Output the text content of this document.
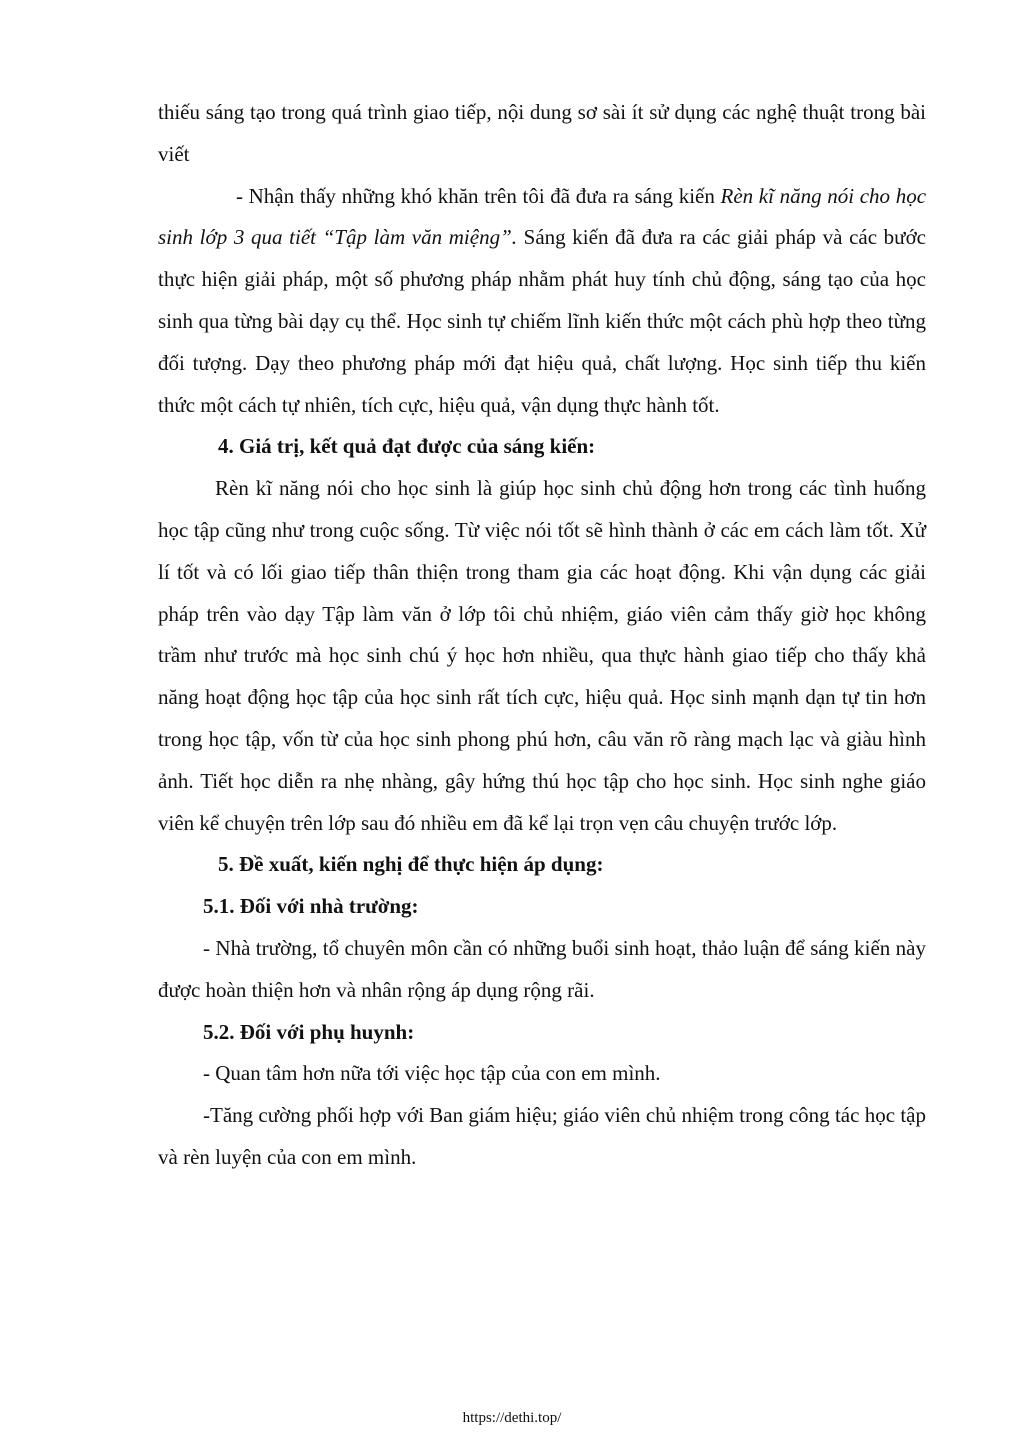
thiếu sáng tạo trong quá trình giao tiếp, nội dung sơ sài ít sử dụng các nghệ thuật trong bài viết

- Nhận thấy những khó khăn trên tôi đã đưa ra sáng kiến Rèn kĩ năng nói cho học sinh lớp 3 qua tiết “Tập làm văn miệng”. Sáng kiến đã đưa ra các giải pháp và các bước thực hiện giải pháp, một số phương pháp nhằm phát huy tính chủ động, sáng tạo của học sinh qua từng bài dạy cụ thể. Học sinh tự chiếm lĩnh kiến thức một cách phù hợp theo từng đối tượng. Dạy theo phương pháp mới đạt hiệu quả, chất lượng. Học sinh tiếp thu kiến thức một cách tự nhiên, tích cực, hiệu quả, vận dụng thực hành tốt.

4. Giá trị, kết quả đạt được của sáng kiến:

Rèn kĩ năng nói cho học sinh là giúp học sinh chủ động hơn trong các tình huống học tập cũng như trong cuộc sống. Từ việc nói tốt sẽ hình thành ở các em cách làm tốt. Xử lí tốt và có lối giao tiếp thân thiện trong tham gia các hoạt động. Khi vận dụng các giải pháp trên vào dạy Tập làm văn ở lớp tôi chủ nhiệm, giáo viên cảm thấy giờ học không trầm như trước mà học sinh chú ý học hơn nhiều, qua thực hành giao tiếp cho thấy khả năng hoạt động học tập của học sinh rất tích cực, hiệu quả. Học sinh mạnh dạn tự tin hơn trong học tập, vốn từ của học sinh phong phú hơn, câu văn rõ ràng mạch lạc và giàu hình ảnh. Tiết học diễn ra nhẹ nhàng, gây hứng thú học tập cho học sinh. Học sinh nghe giáo viên kể chuyện trên lớp sau đó nhiều em đã kể lại trọn vẹn câu chuyện trước lớp.

5. Đề xuất, kiến nghị để thực hiện áp dụng:

5.1. Đối với nhà trường:

- Nhà trường, tổ chuyên môn cần có những buổi sinh hoạt, thảo luận để sáng kiến này được hoàn thiện hơn và nhân rộng áp dụng rộng rãi.

5.2. Đối với phụ huynh:

- Quan tâm hơn nữa tới việc học tập của con em mình.

-Tăng cường phối hợp với Ban giám hiệu; giáo viên chủ nhiệm trong công tác học tập và rèn luyện của con em mình.

https://dethi.top/
